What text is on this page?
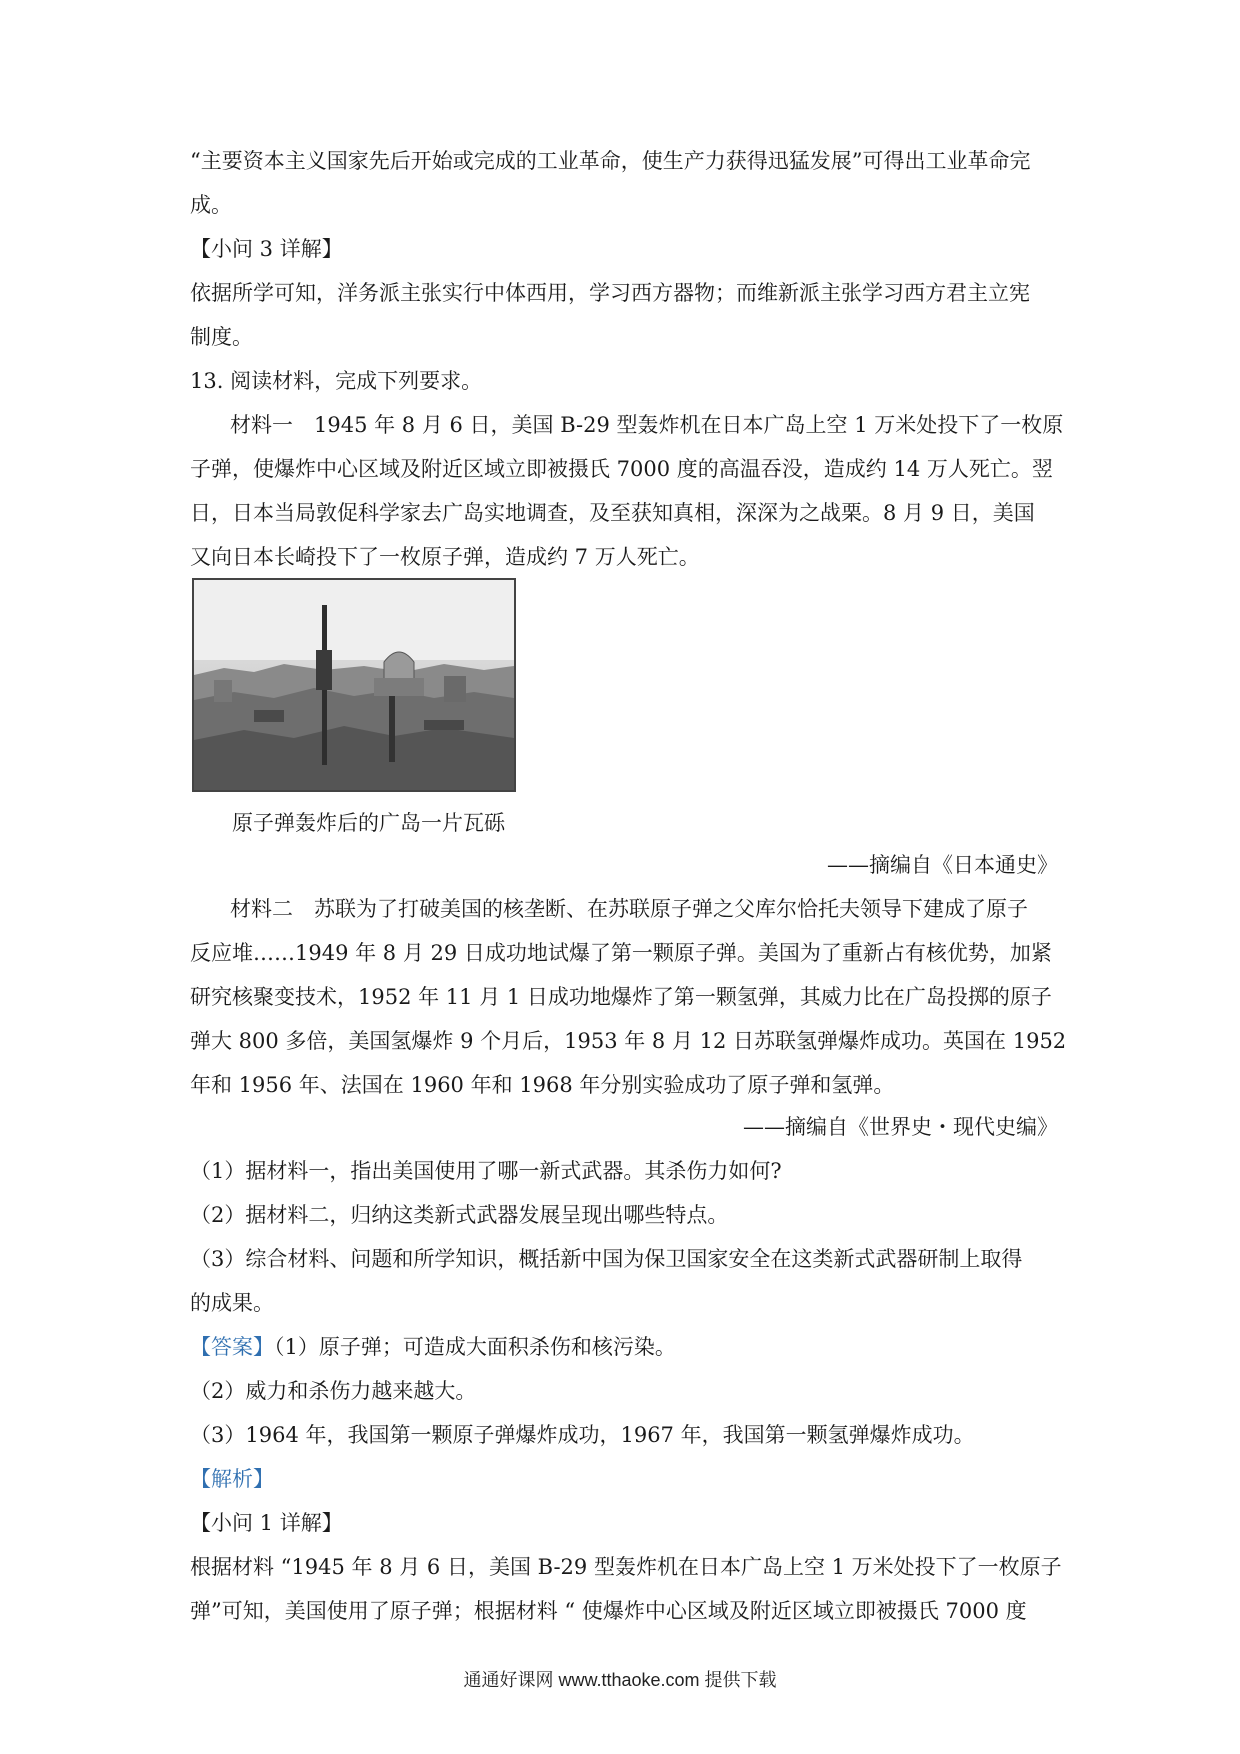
“主要资本主义国家先后开始或完成的工业革命，使生产力获得迅猛发展”可得出工业革命完
成。
【小问 3 详解】
依据所学可知，洋务派主张实行中体西用，学习西方器物；而维新派主张学习西方君主立宪
制度。
13. 阅读材料，完成下列要求。
材料一　1945 年 8 月 6 日，美国 B-29 型轰炸机在日本广岛上空 1 万米处投下了一枚原
子弹，使爆炸中心区域及附近区域立即被摄氏 7000 度的高温吞没，造成约 14 万人死亡。翌
日，日本当局敦促科学家去广岛实地调查，及至获知真相，深深为之战栗。8 月 9 日，美国
又向日本长崎投下了一枚原子弹，造成约 7 万人死亡。
原子弹轰炸后的广岛一片瓦砾
——摘编自《日本通史》
材料二　苏联为了打破美国的核垄断、在苏联原子弹之父库尔恰托夫领导下建成了原子
反应堆……1949 年 8 月 29 日成功地试爆了第一颗原子弹。美国为了重新占有核优势，加紧
研究核聚变技术，1952 年 11 月 1 日成功地爆炸了第一颗氢弹，其威力比在广岛投掷的原子
弹大 800 多倍，美国氢爆炸 9 个月后，1953 年 8 月 12 日苏联氢弹爆炸成功。英国在 1952
年和 1956 年、法国在 1960 年和 1968 年分别实验成功了原子弹和氢弹。
——摘编自《世界史・现代史编》
（1）据材料一，指出美国使用了哪一新式武器。其杀伤力如何?
（2）据材料二，归纳这类新式武器发展呈现出哪些特点。
（3）综合材料、问题和所学知识，概括新中国为保卫国家安全在这类新式武器研制上取得
的成果。
【答案】（1）原子弹；可造成大面积杀伤和核污染。
（2）威力和杀伤力越来越大。
（3）1964 年，我国第一颗原子弹爆炸成功，1967 年，我国第一颗氢弹爆炸成功。
【解析】
【小问 1 详解】
根据材料 “1945 年 8 月 6 日，美国 B-29 型轰炸机在日本广岛上空 1 万米处投下了一枚原子
弹”可知，美国使用了原子弹；根据材料 “ 使爆炸中心区域及附近区域立即被摄氏 7000 度
通通好课网 www.tthaoke.com 提供下载
